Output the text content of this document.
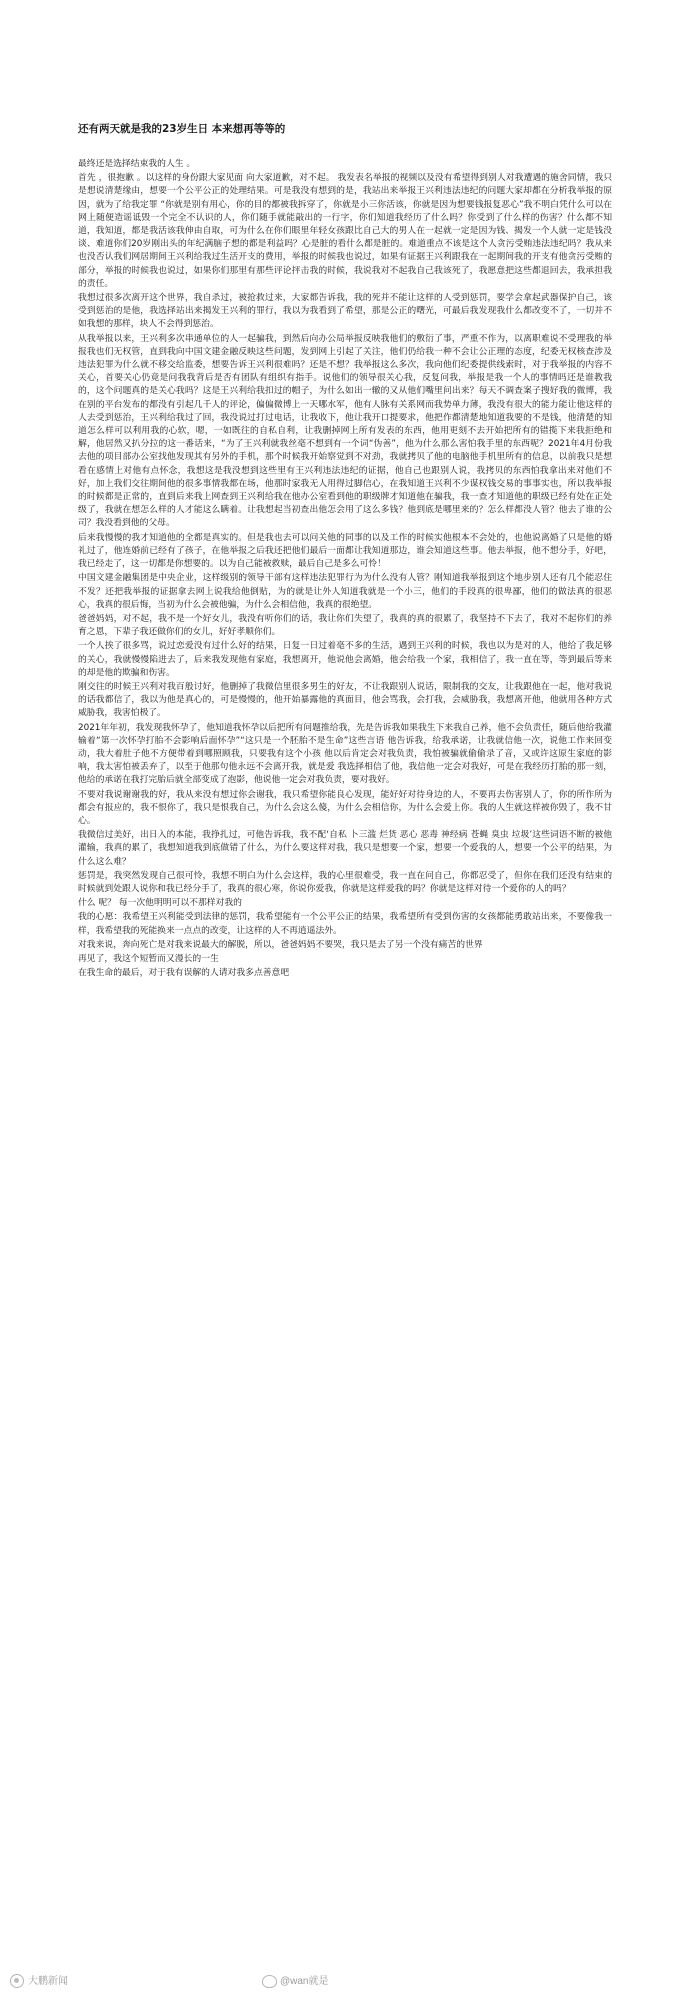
还有两天就是我的23岁生日 本来想再等等的

最终还是选择结束我的人生 。

首先 ，很抱歉 。以这样的身份跟大家见面 向大家道歉，对不起。 我发表名举报的视频以及没有希望得到别人对我遭遇的施舍同情，我只是想说清楚缘由，想要一个公平公正的处理结果。可是我没有想到的是，我站出来举报王兴利违法违纪的问题大家却都在分析我举报的原因，就为了给我定罪 “你就是别有用心，你的目的都被我拆穿了，你就是小三你活该，你就是因为想要钱报复恶心”我不明白凭什么可以在网上随便造谣诋毁一个完全不认识的人，你们随手就能敲出的一行字，你们知道我经历了什么吗？你受到了什么样的伤害？什么都不知道，我知道，都是我活该我伸由自取，可为什么在你们眼里年轻女孩跟比自己大的男人在一起就一定是因为钱、揭发一个人就一定是钱没谈、难道你们20岁刚出头的年纪满脑子想的都是利益吗？心是脏的看什么都是脏的。难道重点不该是这个人贪污受贿违法违纪吗？我从来也没否认我们网居期间王兴利给我过生活开支的费用，举报的时候我也说过，如果有证据王兴利跟我在一起期间我的开支有他贪污受贿的部分，举报的时候我也说过，如果你们那里有那些评论抨击我的时候，我说我对不起我自己我该死了，我愿意把这些都退回去，我承担我的责任。

我想过很多次离开这个世界，我自杀过，被抢救过来，大家都告诉我，我的死并不能让这样的人受到惩罚，要学会拿起武器保护自己，该受到惩治的是他，我选择站出来揭发王兴利的罪行，我以为我看到了希望，那是公正的曙光，可最后我发现我什么都改变不了，一切并不如我想的那样，块人不会得到惩治。

从我举报以来，王兴利多次串通单位的人一起骗我，到然后向办公局举报反映我他们的敷衍了事，严重不作为，以离职难说不受理我的举报我也们无权管，直到我向中国文建金融反映这些问题，发到网上引起了关注，他们仍给我一种不会让公正理的态度，纪委无权核查涉及违法犯罪为什么就不移交给监委，想要告诉王兴利很难吗？还是不想？我举报这么多次，我向他们纪委提供线索时，对于我举报的内容不关心，首要关心仍竟是问我我背后是否有团队有组织有指手。说他们的领导很关心我，反复问我，举报是我一个人的事情吗还是谁教我的，这个问题真的是关心我吗？这是王兴利给我扣过的帽子，为什么如出一辙的又从他们嘴里问出来？每天不调查案子搜好我的微博，我在别的平台发布的都没有引起几千人的评论，偏偏微博上一天哪水军，他有人脉有关系网而我势单力薄，我没有很大的能力能让他这样的人去受到惩治，王兴利给我过了回，我没说过打过电话，让我收下，他让我开口提要求，他把作都清楚地知道我要的不是钱，他清楚的知道怎么样可以利用我的心软，嗯，一如既往的自私自利，让我删掉网上所有发表的东西，他用更刻不去开始把所有的错揽下来我拒绝和解，他居然又扒分拉的这一番话来，“为了王兴利就我丝毫不想到有一个词“伪善”，他为什么那么害怕我手里的东西呢？2021年4月份我去他的项目部办公室找他发现其有另外的手机，那个时候我开始察觉到不对劲，我就拷贝了他的电脑他手机里所有的信息，以前我只是想看在感情上对他有点怀念，我想这是我没想到这些里有王兴利违法违纪的证据，他自己也跟别人说，我拷贝的东西怕我拿出来对他们不好，加上我们交往期间他的很多事情我都在场，他那时家我无人用得过脚信心，在我知道王兴利不少谋权钱交易的事事实也，所以我举报的时候都是正常的，直到后来我上网查到王兴利给我在他办公室看到他的职级牌才知道他在骗我，我一查才知道他的职级已经有处在正处级了，我就在想怎么样的人才能这么瞒着。让我想起当初查出他怎会用了这么多钱？他到底是哪里来的？怎么样都没人管？他去了谁的公司？我没看到他的父母。

后来我慢慢的我才知道他的全都是真实的。但是我也去可以问关他的同事的以及工作的时候实他根本不会处的，也他说离婚了只是他的婚礼过了，他连婚前已经有了孩子，在他举报之后我还把他们最后一面都让我知道那边，谁会知道这些事。他去举报，他不想分手，好吧，我已经走了，这一切都是你想要的。以为自己能被救赎，最后自己是多么可怜！

中国文建金融集团是中央企业，这样级别的领导干部有这样违法犯罪行为为什么没有人管？刚知道我举报到这个地步别人还有几个能忍住不发？还把我举报的证据拿去网上说我给他倒贴，为的就是让外人知道我就是一个小三，他们的手段真的很卑鄙，他们的做法真的很恶心，我真的很后悔，当初为什么会被他骗，为什么会相信他，我真的很绝望。

爸爸妈妈，对不起，我不是一个好女儿，我没有听你们的话，我让你们失望了，我真的真的很累了，我坚持不下去了，我对不起你们的养育之恩，下辈子我还做你们的女儿，好好孝顺你们。

一个人挨了很多骂，说过恋爱没有过什么好的结果，日复一日过着毫不多的生活，遇到王兴利的时候，我也以为是对的人，他给了我足够的关心，我就慢慢陷进去了，后来我发现他有家庭，我想离开，他说他会离婚，他会给我一个家，我相信了，我一直在等，等到最后等来的却是他的欺骗和伤害。

刚交往的时候王兴利对我百般讨好，他删掉了我微信里很多男生的好友，不让我跟别人说话，限制我的交友，让我跟他在一起，他对我说的话我都信了，我以为他是真心的，可是慢慢的，他开始暴露他的真面目，他会骂我，会打我，会威胁我，我想离开他，他就用各种方式威胁我，我害怕极了。

2021年年初，我发现我怀孕了，他知道我怀孕以后把所有问题推给我，先是告诉我如果我生下来我自己养，他不会负责任，随后他给我灌输着“第一次怀孕打胎不会影响后面怀孕”“这只是一个胚胎不是生命”这些言语 他告诉我，给我承诺，让我就信他一次，说他工作来回变动，我大着肚子他不方便带着到哪照顾我，只要我有这个小孩 他以后肯定会对我负责，我怕被骗就偷偷录了音，又或许这原生家庭的影响，我太害怕被丢弃了，以至于他那句他永远不会离开我，就是爱 我选择相信了他，我信他一定会对我好，可是在我经历打胎的那一刻，他给的承诺在我打完胎后就全部变成了泡影，他说他一定会对我负责，要对我好。

不要对我说谢谢我的好，我从来没有想过你会谢我，我只希望你能良心发现，能好好对待身边的人，不要再去伤害别人了，你的所作所为都会有报应的，我不恨你了，我只是恨我自己，为什么会这么傻，为什么会相信你，为什么会爱上你。我的人生就这样被你毁了，我不甘心。

我微信过美好，出日入的本能，我挣扎过，可他告诉我，我不配‘自私 卜三滥 烂货 恶心 恶毒 神经病 苍蝇 臭虫 垃圾’这些词语不断的被他灌输，我真的累了，我想知道我到底做错了什么，为什么要这样对我，我只是想要一个家，想要一个爱我的人，想要一个公平的结果，为什么这么难？

惩罚是，我突然发现自己很可怜，我想不明白为什么会这样，我的心里很难受，我一直在问自己，你都忍受了，但你在我们还没有结束的时候就到处跟人说你和我已经分手了，我真的很心寒，你说你爱我，你就是这样爱我的吗？你就是这样对待一个爱你的人的吗？

什么 呢？ 每一次他明明可以不那样对我的

我的心愿：我希望王兴利能受到法律的惩罚，我希望能有一个公平公正的结果，我希望所有受到伤害的女孩都能勇敢站出来，不要像我一样，我希望我的死能换来一点点的改变，让这样的人不再逍遥法外。

对我来说，奔向死亡是对我来说最大的解脱，所以，爸爸妈妈不要哭，我只是去了另一个没有痛苦的世界

再见了，我这个短暂而又漫长的一生

在我生命的最后，对于我有误解的人请对我多点善意吧

大鹏新闻	@wan就是
